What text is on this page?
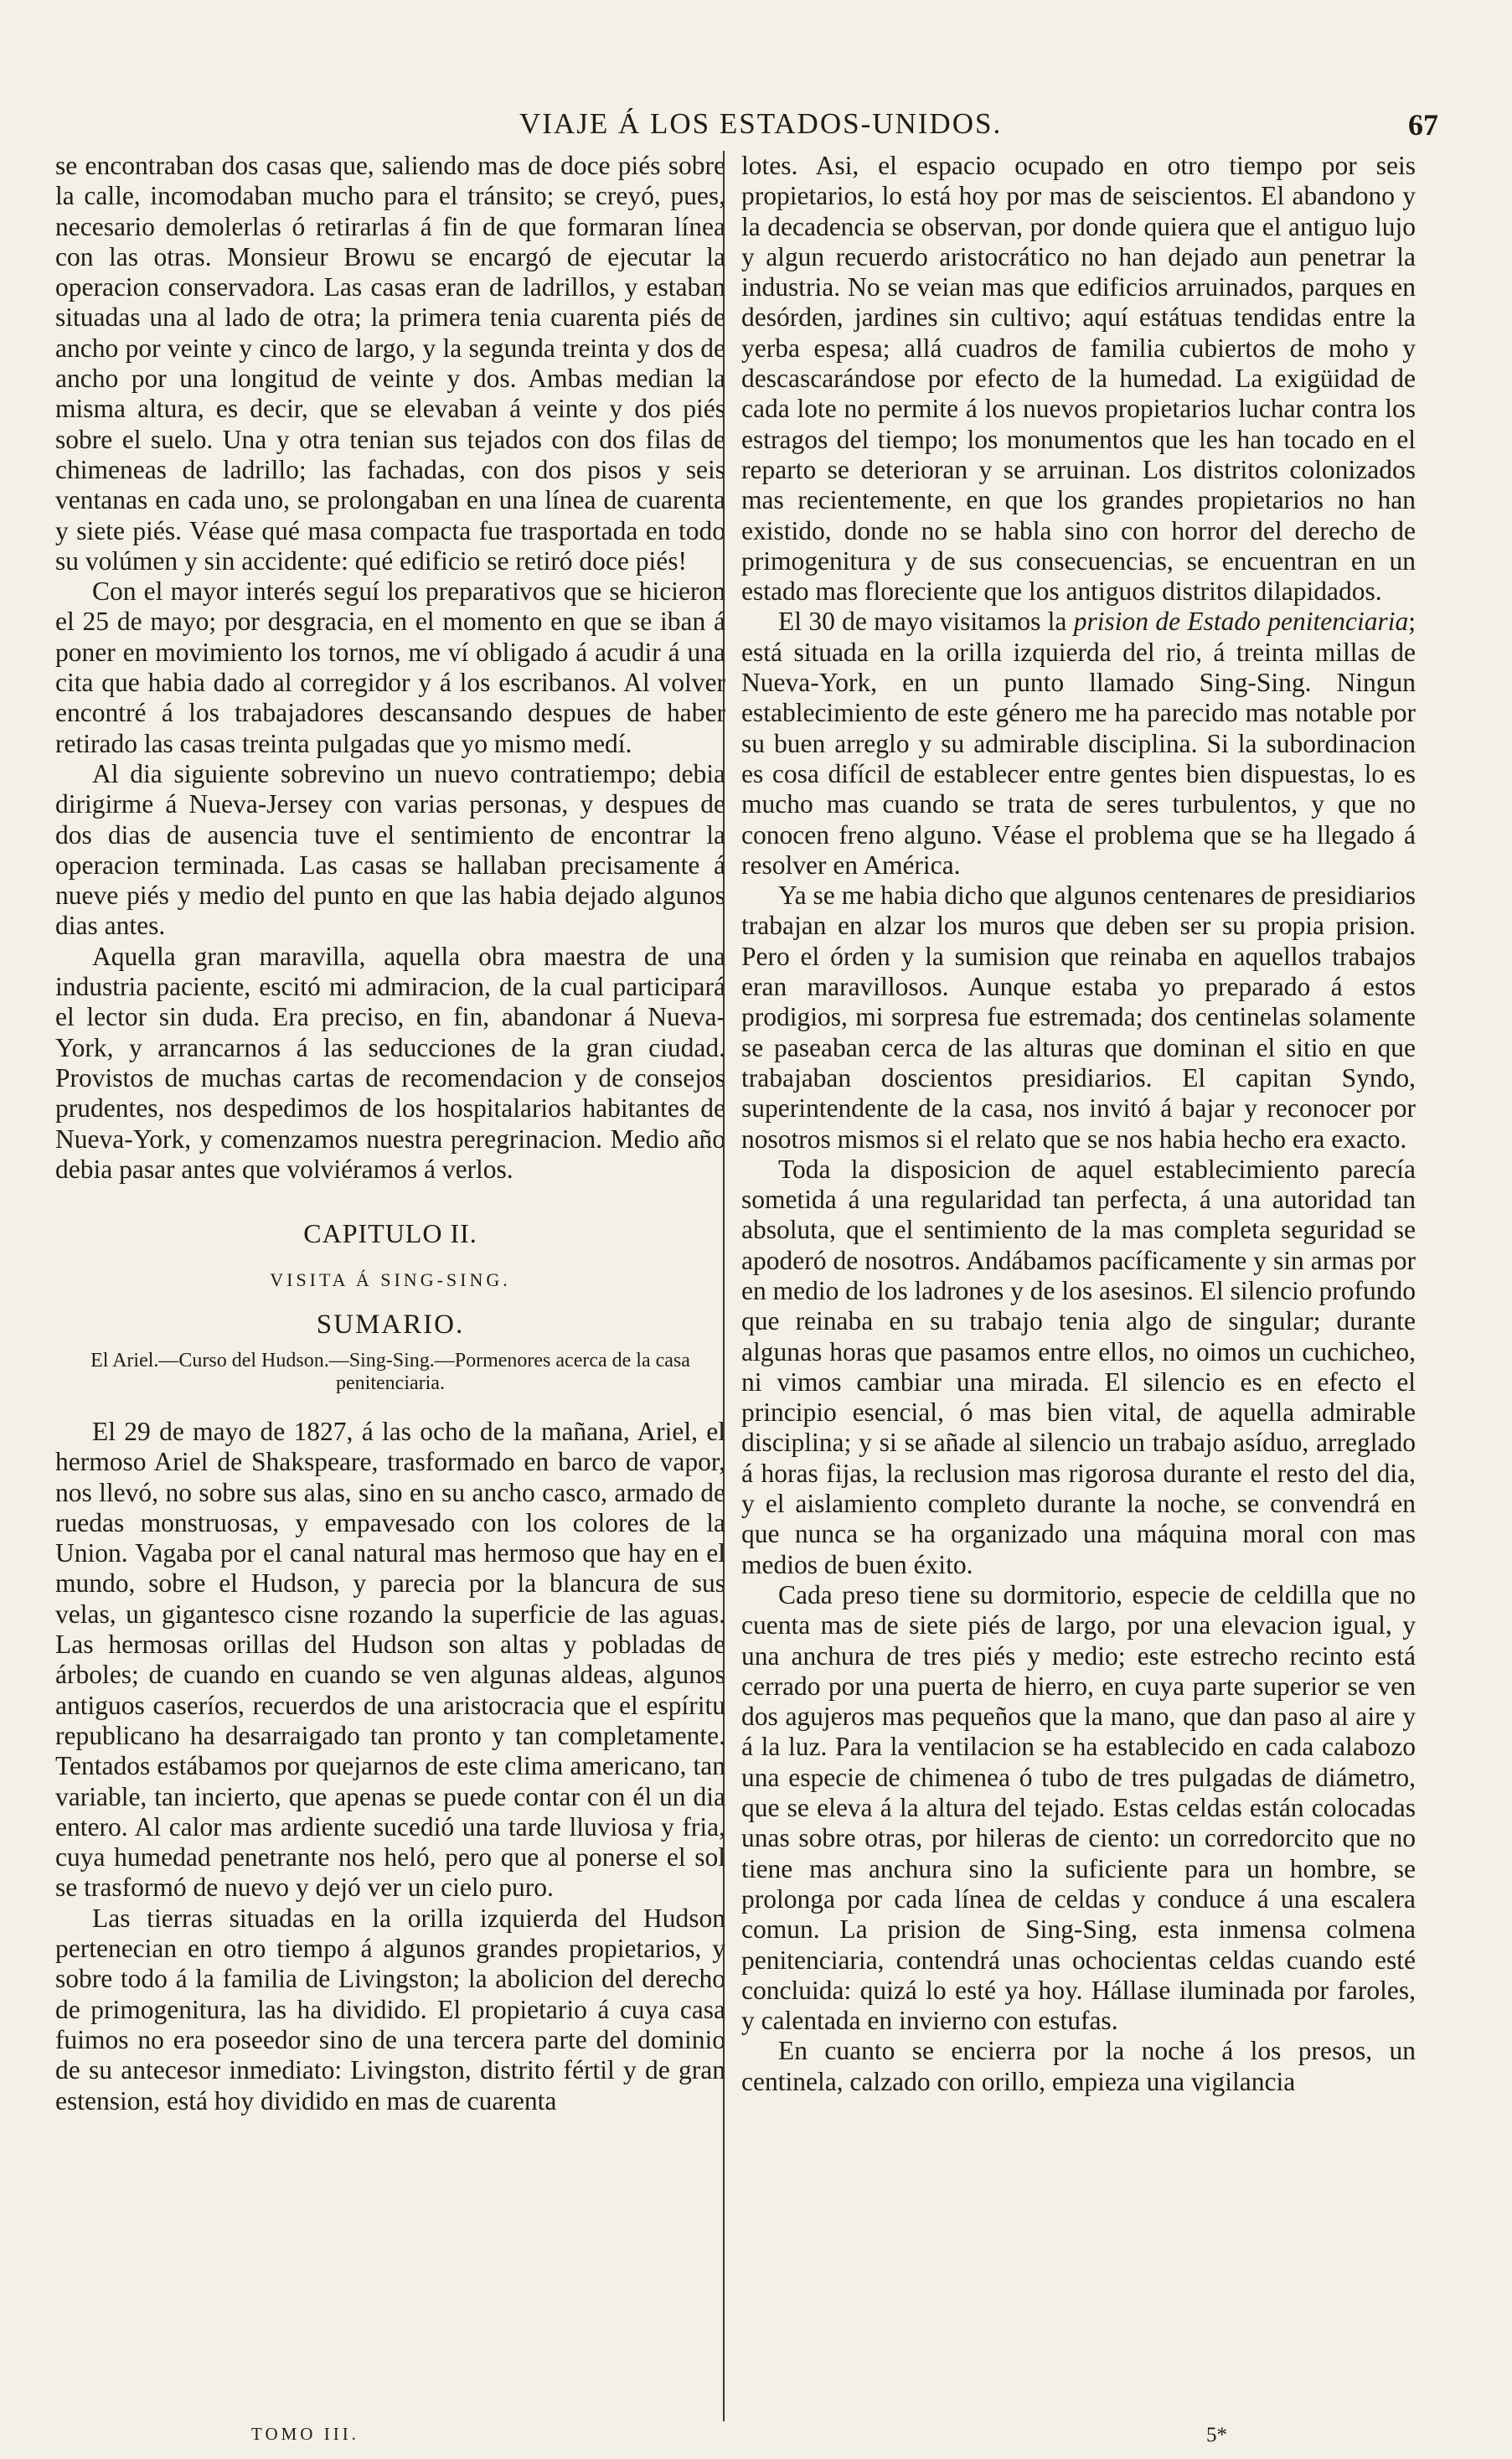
VIAJE Á LOS ESTADOS-UNIDOS.	67

se encontraban dos casas que, saliendo mas de doce piés sobre la calle, incomodaban mucho para el tránsito; se creyó, pues, necesario demolerlas ó retirarlas á fin de que formaran línea con las otras. Monsieur Browu se encargó de ejecutar la operacion conservadora. Las casas eran de ladrillos, y estaban situadas una al lado de otra; la primera tenia cuarenta piés de ancho por veinte y cinco de largo, y la segunda treinta y dos de ancho por una longitud de veinte y dos. Ambas median la misma altura, es decir, que se elevaban á veinte y dos piés sobre el suelo. Una y otra tenian sus tejados con dos filas de chimeneas de ladrillo; las fachadas, con dos pisos y seis ventanas en cada uno, se prolongaban en una línea de cuarenta y siete piés. Véase qué masa compacta fue trasportada en todo su volúmen y sin accidente: qué edificio se retiró doce piés!

Con el mayor interés seguí los preparativos que se hicieron el 25 de mayo; por desgracia, en el momento en que se iban á poner en movimiento los tornos, me ví obligado á acudir á una cita que habia dado al corregidor y á los escribanos. Al volver encontré á los trabajadores descansando despues de haber retirado las casas treinta pulgadas que yo mismo medí.

Al dia siguiente sobrevino un nuevo contratiempo; debia dirigirme á Nueva-Jersey con varias personas, y despues de dos dias de ausencia tuve el sentimiento de encontrar la operacion terminada. Las casas se hallaban precisamente á nueve piés y medio del punto en que las habia dejado algunos dias antes.

Aquella gran maravilla, aquella obra maestra de una industria paciente, escitó mi admiracion, de la cual participará el lector sin duda. Era preciso, en fin, abandonar á Nueva-York, y arrancarnos á las seducciones de la gran ciudad. Provistos de muchas cartas de recomendacion y de consejos prudentes, nos despedimos de los hospitalarios habitantes de Nueva-York, y comenzamos nuestra peregrinacion. Medio año debia pasar antes que volviéramos á verlos.

CAPITULO II.
VISITA Á SING-SING.
SUMARIO.
El Ariel.—Curso del Hudson.—Sing-Sing.—Pormenores acerca de la casa penitenciaria.

El 29 de mayo de 1827, á las ocho de la mañana, Ariel, el hermoso Ariel de Shakspeare, trasformado en barco de vapor, nos llevó, no sobre sus alas, sino en su ancho casco, armado de ruedas monstruosas, y empavesado con los colores de la Union. Vagaba por el canal natural mas hermoso que hay en el mundo, sobre el Hudson, y parecia por la blancura de sus velas, un gigantesco cisne rozando la superficie de las aguas. Las hermosas orillas del Hudson son altas y pobladas de árboles; de cuando en cuando se ven algunas aldeas, algunos antiguos caseríos, recuerdos de una aristocracia que el espíritu republicano ha desarraigado tan pronto y tan completamente. Tentados estábamos por quejarnos de este clima americano, tan variable, tan incierto, que apenas se puede contar con él un dia entero. Al calor mas ardiente sucedió una tarde lluviosa y fria, cuya humedad penetrante nos heló, pero que al ponerse el sol se trasformó de nuevo y dejó ver un cielo puro.

Las tierras situadas en la orilla izquierda del Hudson pertenecian en otro tiempo á algunos grandes propietarios, y sobre todo á la familia de Livingston; la abolicion del derecho de primogenitura, las ha dividido. El propietario á cuya casa fuimos no era poseedor sino de una tercera parte del dominio de su antecesor inmediato: Livingston, distrito fértil y de gran estension, está hoy dividido en mas de cuarenta

lotes. Asi, el espacio ocupado en otro tiempo por seis propietarios, lo está hoy por mas de seiscientos. El abandono y la decadencia se observan, por donde quiera que el antiguo lujo y algun recuerdo aristocrático no han dejado aun penetrar la industria. No se veian mas que edificios arruinados, parques en desórden, jardines sin cultivo; aquí estátuas tendidas entre la yerba espesa; allá cuadros de familia cubiertos de moho y descascarándose por efecto de la humedad. La exigüidad de cada lote no permite á los nuevos propietarios luchar contra los estragos del tiempo; los monumentos que les han tocado en el reparto se deterioran y se arruinan. Los distritos colonizados mas recientemente, en que los grandes propietarios no han existido, donde no se habla sino con horror del derecho de primogenitura y de sus consecuencias, se encuentran en un estado mas floreciente que los antiguos distritos dilapidados.

El 30 de mayo visitamos la prision de Estado penitenciaria; está situada en la orilla izquierda del rio, á treinta millas de Nueva-York, en un punto llamado Sing-Sing. Ningun establecimiento de este género me ha parecido mas notable por su buen arreglo y su admirable disciplina. Si la subordinacion es cosa difícil de establecer entre gentes bien dispuestas, lo es mucho mas cuando se trata de seres turbulentos, y que no conocen freno alguno. Véase el problema que se ha llegado á resolver en América.

Ya se me habia dicho que algunos centenares de presidiarios trabajan en alzar los muros que deben ser su propia prision. Pero el órden y la sumision que reinaba en aquellos trabajos eran maravillosos. Aunque estaba yo preparado á estos prodigios, mi sorpresa fue estremada; dos centinelas solamente se paseaban cerca de las alturas que dominan el sitio en que trabajaban doscientos presidiarios. El capitan Syndo, superintendente de la casa, nos invitó á bajar y reconocer por nosotros mismos si el relato que se nos habia hecho era exacto.

Toda la disposicion de aquel establecimiento parecía sometida á una regularidad tan perfecta, á una autoridad tan absoluta, que el sentimiento de la mas completa seguridad se apoderó de nosotros. Andábamos pacíficamente y sin armas por en medio de los ladrones y de los asesinos. El silencio profundo que reinaba en su trabajo tenia algo de singular; durante algunas horas que pasamos entre ellos, no oimos un cuchicheo, ni vimos cambiar una mirada. El silencio es en efecto el principio esencial, ó mas bien vital, de aquella admirable disciplina; y si se añade al silencio un trabajo asíduo, arreglado á horas fijas, la reclusion mas rigorosa durante el resto del dia, y el aislamiento completo durante la noche, se convendrá en que nunca se ha organizado una máquina moral con mas medios de buen éxito.

Cada preso tiene su dormitorio, especie de celdilla que no cuenta mas de siete piés de largo, por una elevacion igual, y una anchura de tres piés y medio; este estrecho recinto está cerrado por una puerta de hierro, en cuya parte superior se ven dos agujeros mas pequeños que la mano, que dan paso al aire y á la luz. Para la ventilacion se ha establecido en cada calabozo una especie de chimenea ó tubo de tres pulgadas de diámetro, que se eleva á la altura del tejado. Estas celdas están colocadas unas sobre otras, por hileras de ciento: un corredorcito que no tiene mas anchura sino la suficiente para un hombre, se prolonga por cada línea de celdas y conduce á una escalera comun. La prision de Sing-Sing, esta inmensa colmena penitenciaria, contendrá unas ochocientas celdas cuando esté concluida: quizá lo esté ya hoy. Hállase iluminada por faroles, y calentada en invierno con estufas.

En cuanto se encierra por la noche á los presos, un centinela, calzado con orillo, empieza una vigilancia

TOMO III.	5*
